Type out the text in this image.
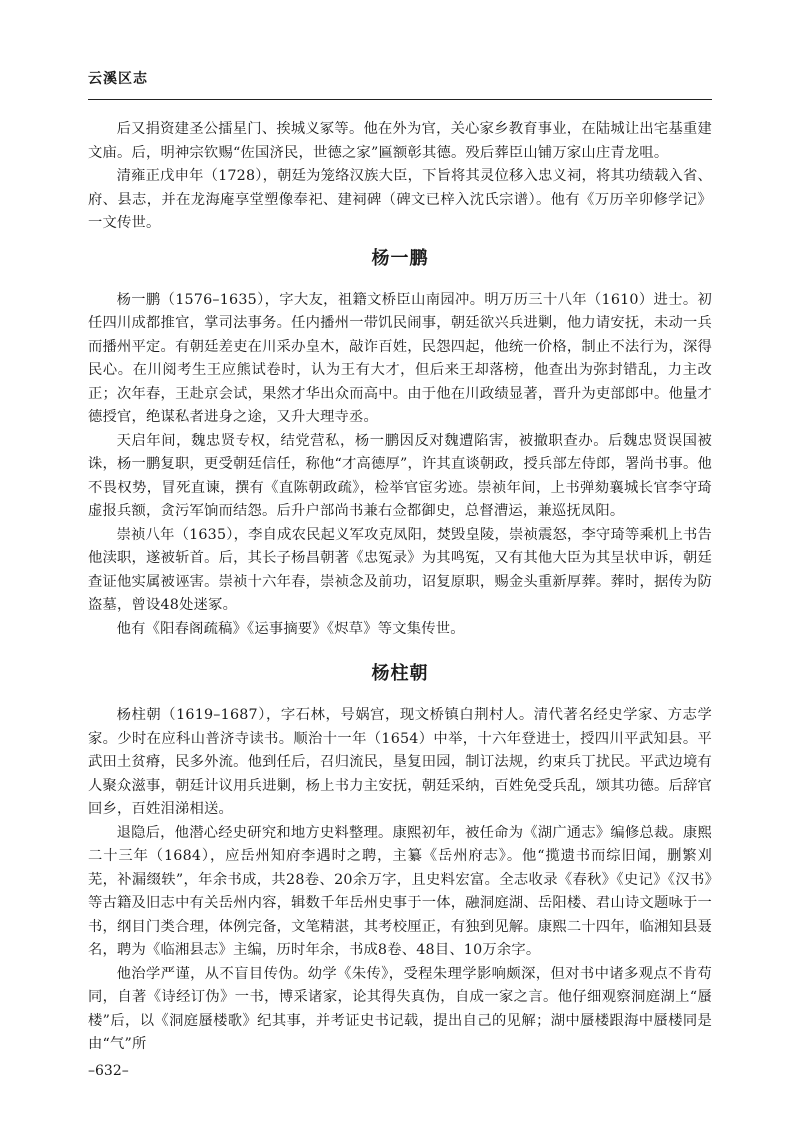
云溪区志

后又捐资建圣公擂星门、挨城义冢等。他在外为官，关心家乡教育事业，在陆城让出宅基重建文庙。后，明神宗钦赐“佐国济民，世德之家”匾额彰其德。殁后葬臣山铺万家山庄青龙咀。

清雍正戊申年（1728），朝廷为笼络汉族大臣，下旨将其灵位移入忠义祠，将其功绩载入省、府、县志，并在龙海庵享堂塑像奉祀、建祠碑（碑文已梓入沈氏宗谱）。他有《万历辛卯修学记》一文传世。

杨一鹏

杨一鹏（1576–1635），字大友，祖籍文桥臣山南园冲。明万历三十八年（1610）进士。初任四川成都推官，掌司法事务。任内播州一带饥民闹事，朝廷欲兴兵进剿，他力请安抚，未动一兵而播州平定。有朝廷差吏在川采办皇木，敲诈百姓，民怨四起，他统一价格，制止不法行为，深得民心。在川阅考生王应熊试卷时，认为王有大才，但后来王却落榜，他查出为弥封错乱，力主改正；次年春，王赴京会试，果然才华出众而高中。由于他在川政绩显著，晋升为吏部郎中。他量才德授官，绝谋私者进身之途，又升大理寺丞。

天启年间，魏忠贤专权，结党营私，杨一鹏因反对魏遭陷害，被撤职查办。后魏忠贤误国被诛，杨一鹏复职，更受朝廷信任，称他“才高德厚”，许其直谈朝政，授兵部左侍郎，署尚书事。他不畏权势，冒死直谏，撰有《直陈朝政疏》，检举官宦劣迹。崇祯年间，上书弹劾襄城长官李守琦虚报兵额，贪污军饷而结怨。后升户部尚书兼右佥都御史，总督漕运，兼巡抚凤阳。

崇祯八年（1635），李自成农民起义军攻克凤阳，焚毁皇陵，崇祯震怒，李守琦等乘机上书告他渎职，遂被斩首。后，其长子杨昌朝著《忠冤录》为其鸣冤，又有其他大臣为其呈状申诉，朝廷查证他实属被诬害。崇祯十六年春，崇祯念及前功，诏复原职，赐金头重新厚葬。葬时，据传为防盗墓，曾设48处迷冢。

他有《阳春阁疏稿》《运事摘要》《烬草》等文集传世。

杨柱朝

杨柱朝（1619–1687），字石林，号娲宫，现文桥镇白荆村人。清代著名经史学家、方志学家。少时在应科山普济寺读书。顺治十一年（1654）中举，十六年登进士，授四川平武知县。平武田土贫瘠，民多外流。他到任后，召归流民，垦复田园，制订法规，约束兵丁扰民。平武边境有人聚众滋事，朝廷计议用兵进剿，杨上书力主安抚，朝廷采纳，百姓免受兵乱，颂其功德。后辞官回乡，百姓泪涕相送。

退隐后，他潜心经史研究和地方史料整理。康熙初年，被任命为《湖广通志》编修总裁。康熙二十三年（1684），应岳州知府李遇时之聘，主纂《岳州府志》。他“揽遗书而综旧闻，删繁刈芜，补漏缀轶”，年余书成，共28卷、20余万字，且史料宏富。全志收录《春秋》《史记》《汉书》等古籍及旧志中有关岳州内容，辑数千年岳州史事于一体，融洞庭湖、岳阳楼、君山诗文题咏于一书，纲目门类合理，体例完备，文笔精湛，其考校厘正，有独到见解。康熙二十四年，临湘知县聂名，聘为《临湘县志》主编，历时年余，书成8卷、48目、10万余字。

他治学严谨，从不盲目传伪。幼学《朱传》，受程朱理学影响颇深，但对书中诸多观点不肯苟同，自著《诗经订伪》一书，博采诸家，论其得失真伪，自成一家之言。他仔细观察洞庭湖上“蜃楼”后，以《洞庭蜃楼歌》纪其事，并考证史书记载，提出自己的见解；湖中蜃楼跟海中蜃楼同是由“气”所

–632–
